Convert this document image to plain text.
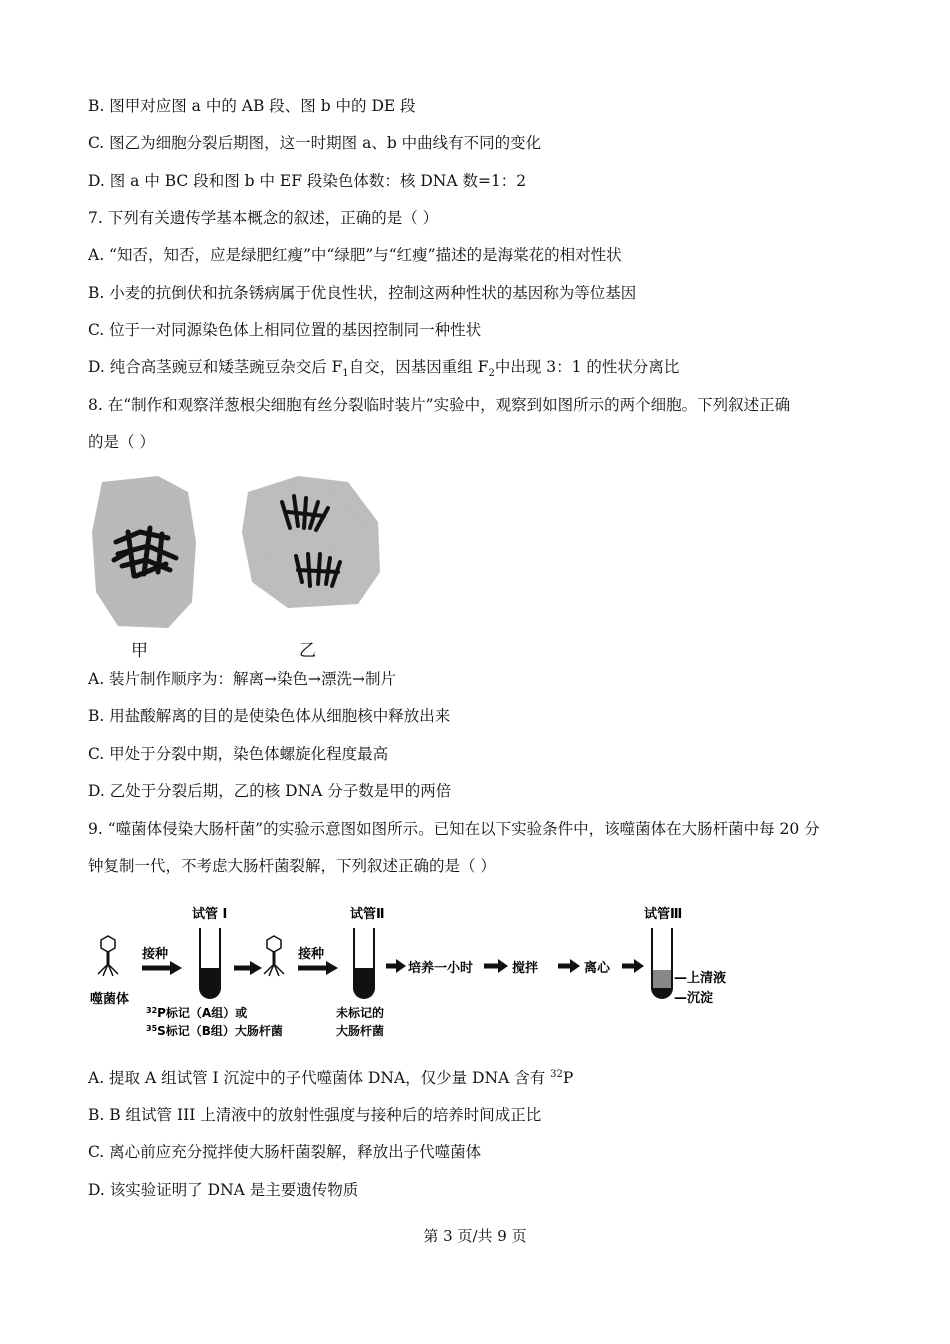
B. 图甲对应图 a 中的 AB 段、图 b 中的 DE 段
C. 图乙为细胞分裂后期图，这一时期图 a、b 中曲线有不同的变化
D. 图 a 中 BC 段和图 b 中 EF 段染色体数：核 DNA 数=1：2
7. 下列有关遗传学基本概念的叙述，正确的是（ ）
A. “知否，知否，应是绿肥红瘦”中“绿肥”与“红瘦”描述的是海棠花的相对性状
B. 小麦的抗倒伏和抗条锈病属于优良性状，控制这两种性状的基因称为等位基因
C. 位于一对同源染色体上相同位置的基因控制同一种性状
D. 纯合高茎豌豆和矮茎豌豆杂交后 $F_1$自交，因基因重组 $F_2$中出现 3：1 的性状分离比
8. 在“制作和观察洋葱根尖细胞有丝分裂临时装片”实验中，观察到如图所示的两个细胞。下列叙述正确
的是（ ）
甲	乙
A. 装片制作顺序为：解离→染色→漂洗→制片
B. 用盐酸解离的目的是使染色体从细胞核中释放出来
C. 甲处于分裂中期，染色体螺旋化程度最高
D. 乙处于分裂后期，乙的核 DNA 分子数是甲的两倍
9. “噬菌体侵染大肠杆菌”的实验示意图如图所示。已知在以下实验条件中，该噬菌体在大肠杆菌中每 20 分
钟复制一代，不考虑大肠杆菌裂解，下列叙述正确的是（ ）
噬菌体
接种
试管 I
$^{32}$P标记（A组）或
$^{35}$S标记（B组）大肠杆菌
接种
试管Ⅱ
未标记的
大肠杆菌
培养一小时	搅拌	离心
试管Ⅲ
—上清液
—沉淀
A. 提取 A 组试管 I 沉淀中的子代噬菌体 DNA，仅少量 DNA 含有 $^{32}$P
B. B 组试管 III 上清液中的放射性强度与接种后的培养时间成正比
C. 离心前应充分搅拌使大肠杆菌裂解，释放出子代噬菌体
D. 该实验证明了 DNA 是主要遗传物质
第 3 页/共 9 页
